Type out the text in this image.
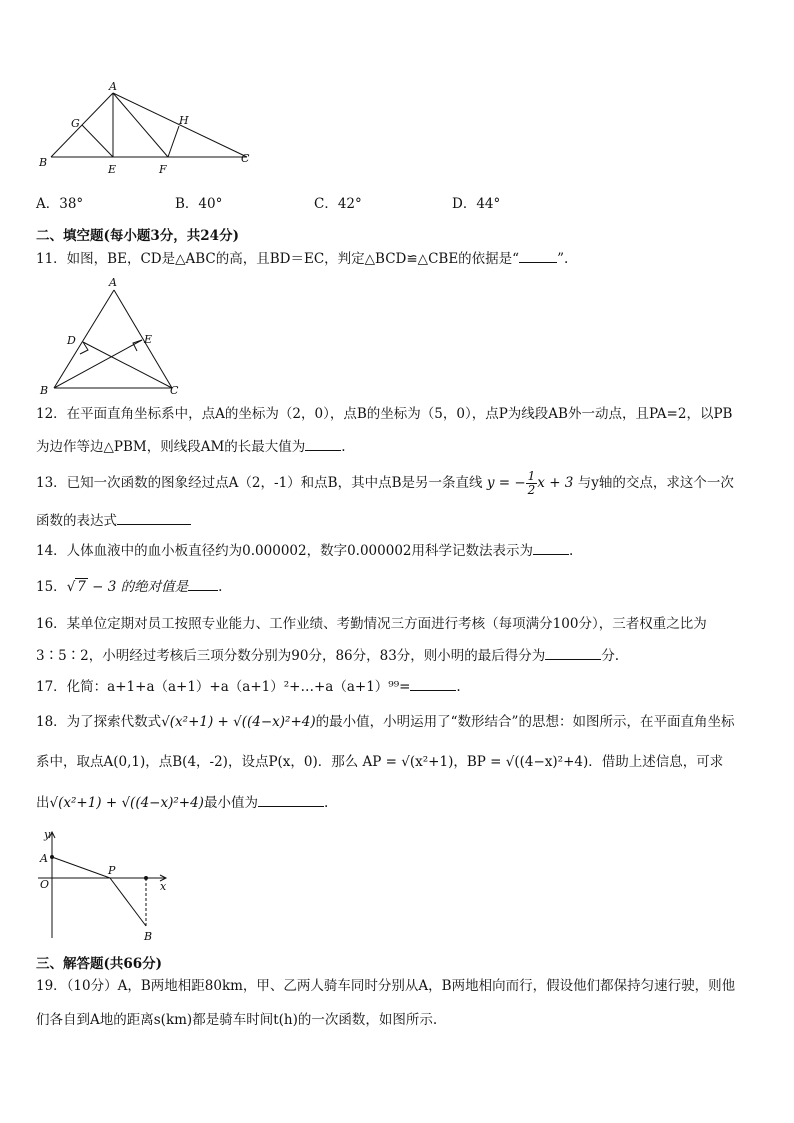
A
G	H
B
E	F
C
A．38°	B．40°	C．42°	D．44°
二、填空题(每小题3分，共24分)
11．如图，BE，CD是△ABC的高，且BD＝EC，判定△BCD≌△CBE的依据是“	”.
A
D	E
B	C
12．在平面直角坐标系中，点A的坐标为（2，0），点B的坐标为（5，0），点P为线段AB外一动点，且PA=2，以PB
为边作等边△PBM，则线段AM的长最大值为	.
13．已知一次函数的图象经过点A（2，-1）和点B，其中点B是另一条直线 y = − $\frac{1}{2}$ x + 3 与y轴的交点，求这个一次
函数的表达式
14．人体血液中的血小板直径约为0.000002，数字0.000002用科学记数法表示为	.
15．√ 7 − 3 的绝对值是 .
16．某单位定期对员工按照专业能力、工作业绩、考勤情况三方面进行考核（每项满分100分），三者权重之比为
3∶5∶2，小明经过考核后三项分数分别为90分，86分，83分，则小明的最后得分为	分.
17．化简：a+1+a（a+1）+a（a+1）²+…+a（a+1）⁹⁹=	.
18．为了探索代数式√(x²+1) + √((4−x)²+4)的最小值，小明运用了“数形结合”的思想：如图所示，在平面直角坐标
系中，取点A(0,1)，点B(4，-2)，设点P(x，0)．那么 AP = √(x²+1)，BP = √((4−x)²+4)．借助上述信息，可求
出√(x²+1) + √((4−x)²+4)最小值为	.
y
A
O
P
x
B
三、解答题(共66分)
19．（10分）A，B两地相距80km，甲、乙两人骑车同时分别从A，B两地相向而行，假设他们都保持匀速行驶，则他
们各自到A地的距离s(km)都是骑车时间t(h)的一次函数，如图所示.
